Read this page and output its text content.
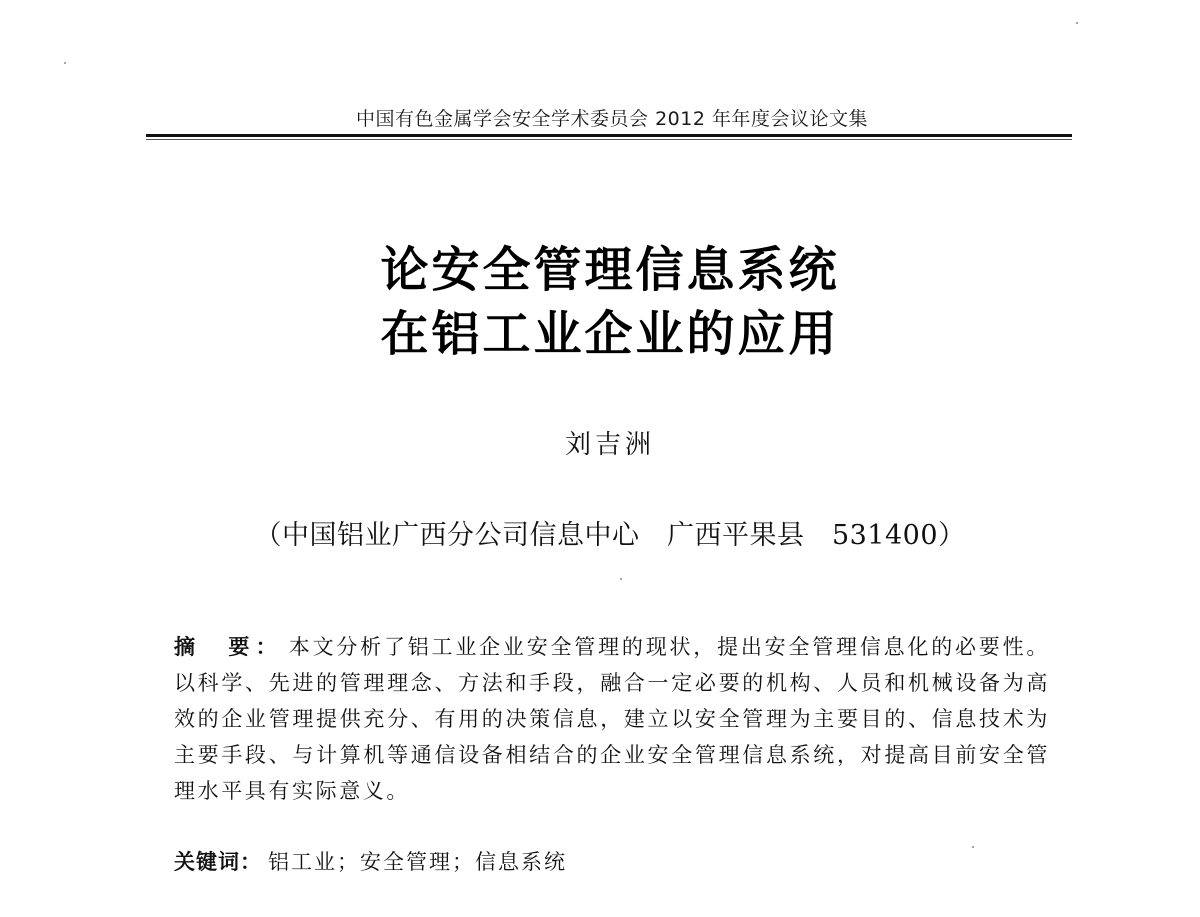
中国有色金属学会安全学术委员会 2012 年年度会议论文集
论安全管理信息系统
在铝工业企业的应用
刘吉洲
（中国铝业广西分公司信息中心　广西平果县　531400）
摘　要： 本文分析了铝工业企业安全管理的现状，提出安全管理信息化的必要性。以科学、先进的管理理念、方法和手段，融合一定必要的机构、人员和机械设备为高效的企业管理提供充分、有用的决策信息，建立以安全管理为主要目的、信息技术为主要手段、与计算机等通信设备相结合的企业安全管理信息系统，对提高目前安全管理水平具有实际意义。
关键词： 铝工业；安全管理；信息系统
